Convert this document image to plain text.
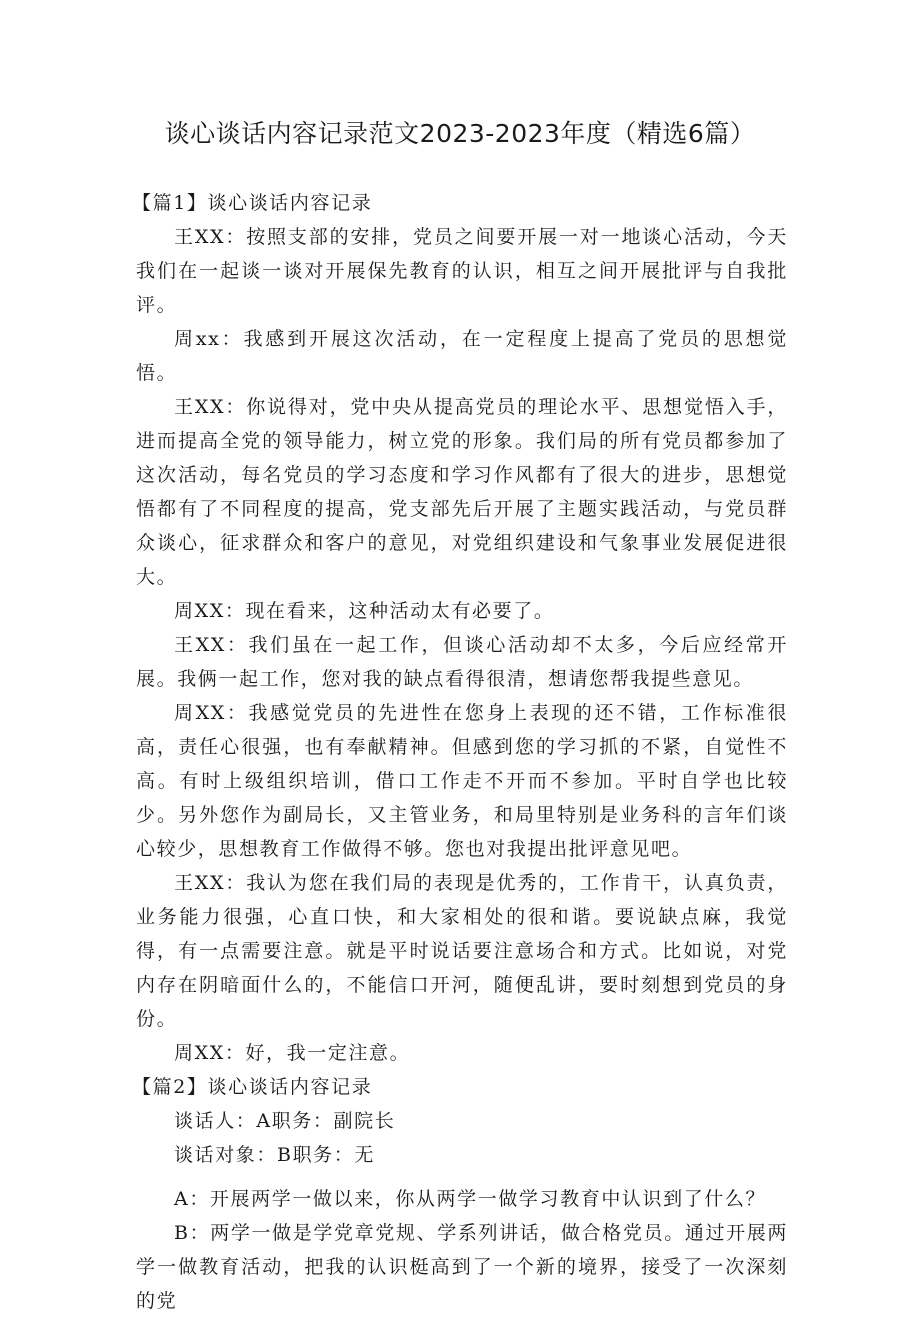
谈心谈话内容记录范文2023-2023年度（精选6篇）

【篇1】谈心谈话内容记录

王XX：按照支部的安排，党员之间要开展一对一地谈心活动，今天我们在一起谈一谈对开展保先教育的认识，相互之间开展批评与自我批评。

周xx：我感到开展这次活动，在一定程度上提高了党员的思想觉悟。

王XX：你说得对，党中央从提高党员的理论水平、思想觉悟入手，进而提高全党的领导能力，树立党的形象。我们局的所有党员都参加了这次活动，每名党员的学习态度和学习作风都有了很大的进步，思想觉悟都有了不同程度的提高，党支部先后开展了主题实践活动，与党员群众谈心，征求群众和客户的意见，对党组织建设和气象事业发展促进很大。

周XX：现在看来，这种活动太有必要了。

王XX：我们虽在一起工作，但谈心活动却不太多，今后应经常开展。我俩一起工作，您对我的缺点看得很清，想请您帮我提些意见。

周XX：我感觉党员的先进性在您身上表现的还不错，工作标准很高，责任心很强，也有奉献精神。但感到您的学习抓的不紧，自觉性不高。有时上级组织培训，借口工作走不开而不参加。平时自学也比较少。另外您作为副局长，又主管业务，和局里特别是业务科的言年们谈心较少，思想教育工作做得不够。您也对我提出批评意见吧。

王XX：我认为您在我们局的表现是优秀的，工作肯干，认真负责，业务能力很强，心直口快，和大家相处的很和谐。要说缺点麻，我觉得，有一点需要注意。就是平时说话要注意场合和方式。比如说，对党内存在阴暗面什么的，不能信口开河，随便乱讲，要时刻想到党员的身份。

周XX：好，我一定注意。

【篇2】谈心谈话内容记录

谈话人：A职务：副院长

谈话对象：B职务：无

A：开展两学一做以来，你从两学一做学习教育中认识到了什么？

B：两学一做是学党章党规、学系列讲话，做合格党员。通过开展两学一做教育活动，把我的认识梃高到了一个新的境界，接受了一次深刻的党
